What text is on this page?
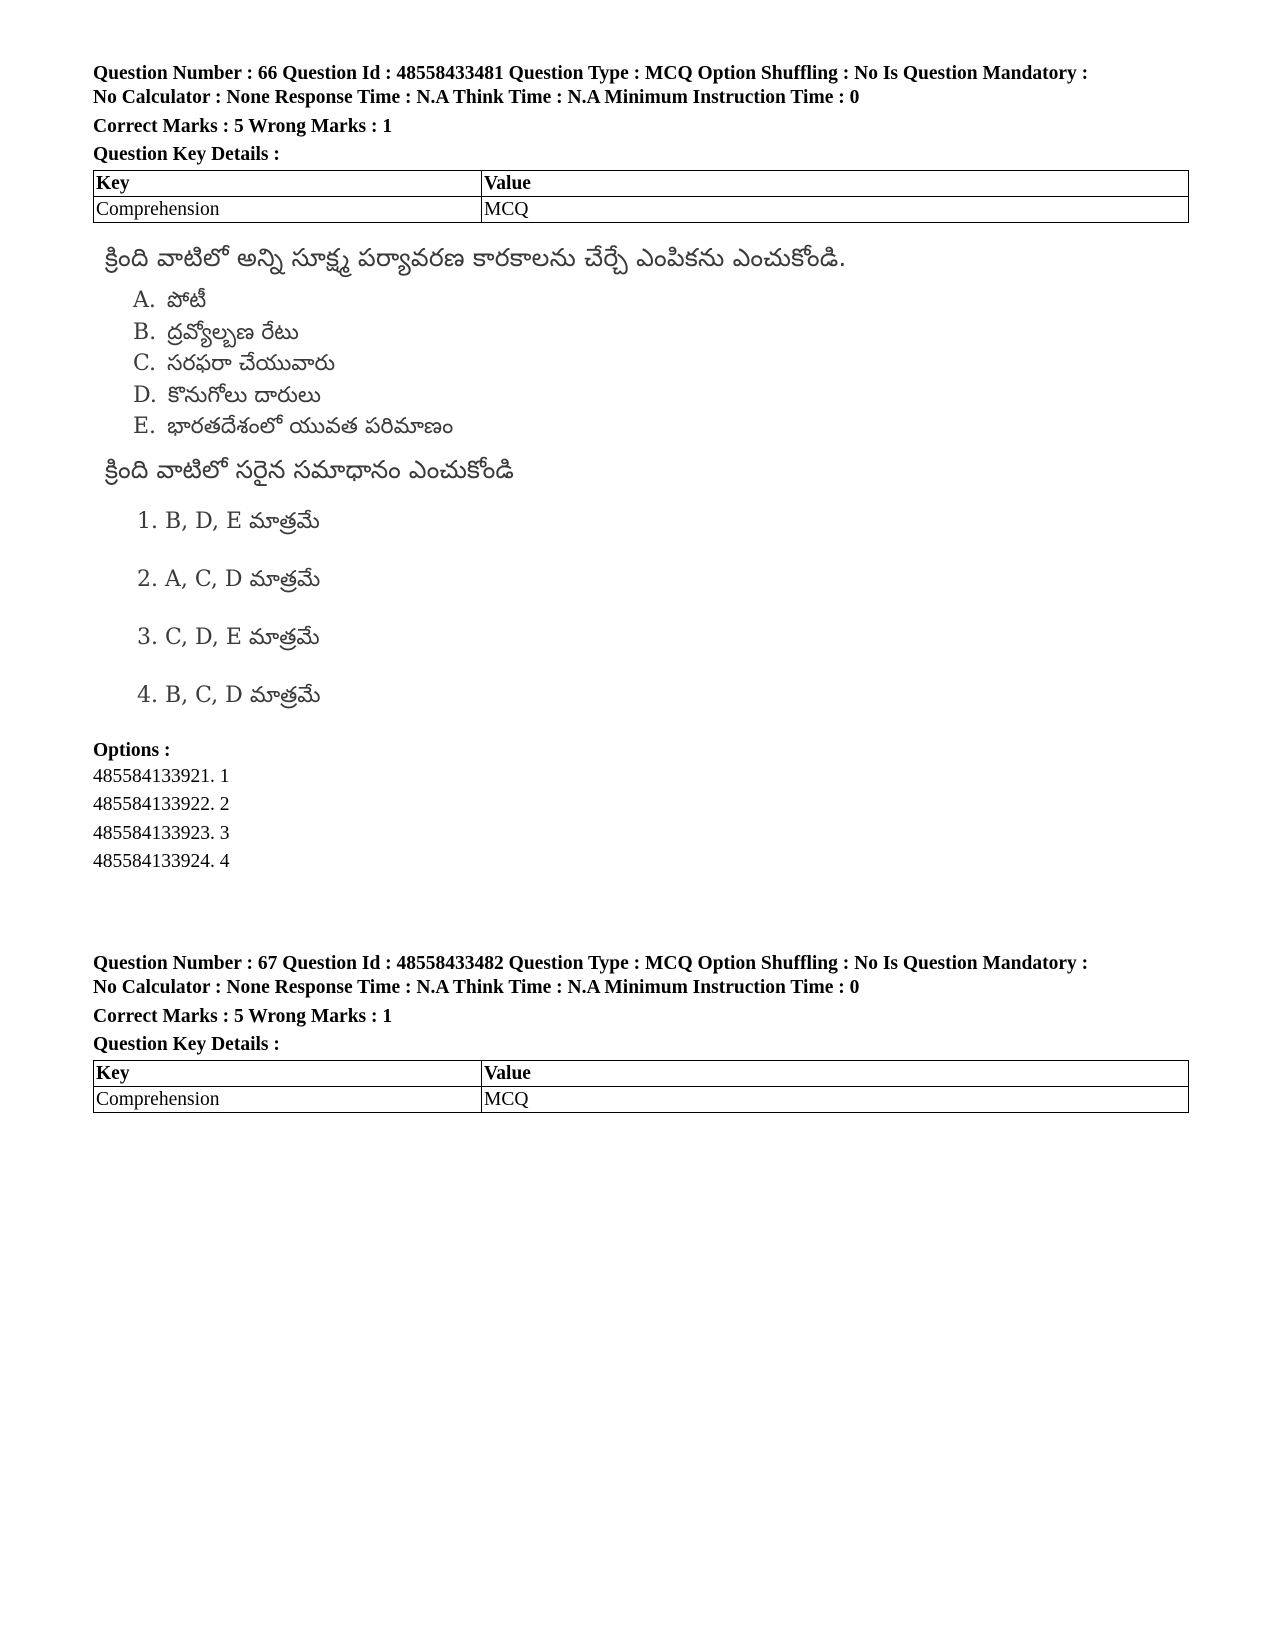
Question Number : 66 Question Id : 48558433481 Question Type : MCQ Option Shuffling : No Is Question Mandatory :
No Calculator : None Response Time : N.A Think Time : N.A Minimum Instruction Time : 0
Correct Marks : 5 Wrong Marks : 1
Question Key Details :
Key	Value
Comprehension	MCQ
క్రింది వాటిలో అన్ని సూక్ష్మ పర్యావరణ కారకాలను చేర్చే ఎంపికను ఎంచుకోండి.
A. పోటీ
B. ద్రవ్యోల్బణ రేటు
C. సరఫరా చేయువారు
D. కొనుగోలు దారులు
E. భారతదేశంలో యువత పరిమాణం
క్రింది వాటిలో సరైన సమాధానం ఎంచుకోండి
1. B, D, E మాత్రమే
2. A, C, D మాత్రమే
3. C, D, E మాత్రమే
4. B, C, D మాత్రమే
Options :
485584133921. 1
485584133922. 2
485584133923. 3
485584133924. 4
Question Number : 67 Question Id : 48558433482 Question Type : MCQ Option Shuffling : No Is Question Mandatory :
No Calculator : None Response Time : N.A Think Time : N.A Minimum Instruction Time : 0
Correct Marks : 5 Wrong Marks : 1
Question Key Details :
Key	Value
Comprehension	MCQ
